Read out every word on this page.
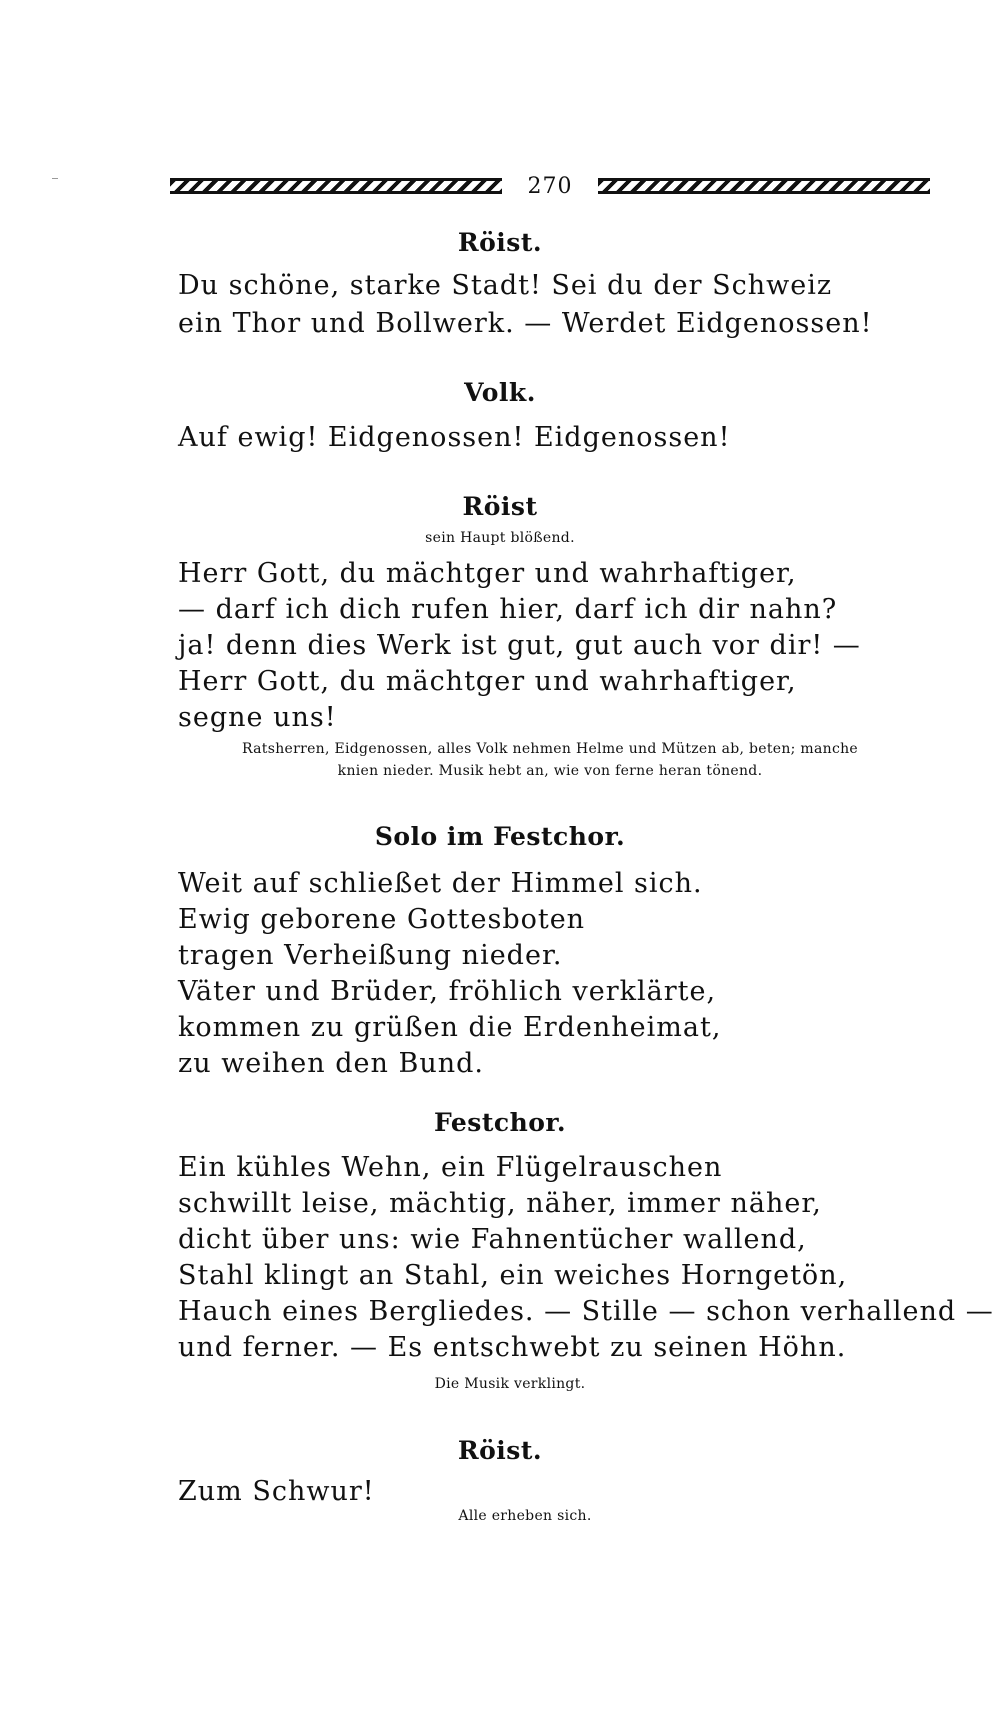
270
Röist.
Du schöne, starke Stadt! Sei du der Schweiz
ein Thor und Bollwerk. — Werdet Eidgenossen!
Volk.
Auf ewig! Eidgenossen! Eidgenossen!
Röist
sein Haupt blößend.
Herr Gott, du mächtger und wahrhaftiger,
— darf ich dich rufen hier, darf ich dir nahn?
ja! denn dies Werk ist gut, gut auch vor dir! —
Herr Gott, du mächtger und wahrhaftiger,
segne uns!
Ratsherren, Eidgenossen, alles Volk nehmen Helme und Mützen ab, beten; manche
knien nieder. Musik hebt an, wie von ferne heran tönend.
Solo im Festchor.
Weit auf schließet der Himmel sich.
Ewig geborene Gottesboten
tragen Verheißung nieder.
Väter und Brüder, fröhlich verklärte,
kommen zu grüßen die Erdenheimat,
zu weihen den Bund.
Festchor.
Ein kühles Wehn, ein Flügelrauschen
schwillt leise, mächtig, näher, immer näher,
dicht über uns: wie Fahnentücher wallend,
Stahl klingt an Stahl, ein weiches Horngetön,
Hauch eines Bergliedes. — Stille — schon verhallend —
und ferner. — Es entschwebt zu seinen Höhn.
Die Musik verklingt.
Röist.
Zum Schwur!
Alle erheben sich.
